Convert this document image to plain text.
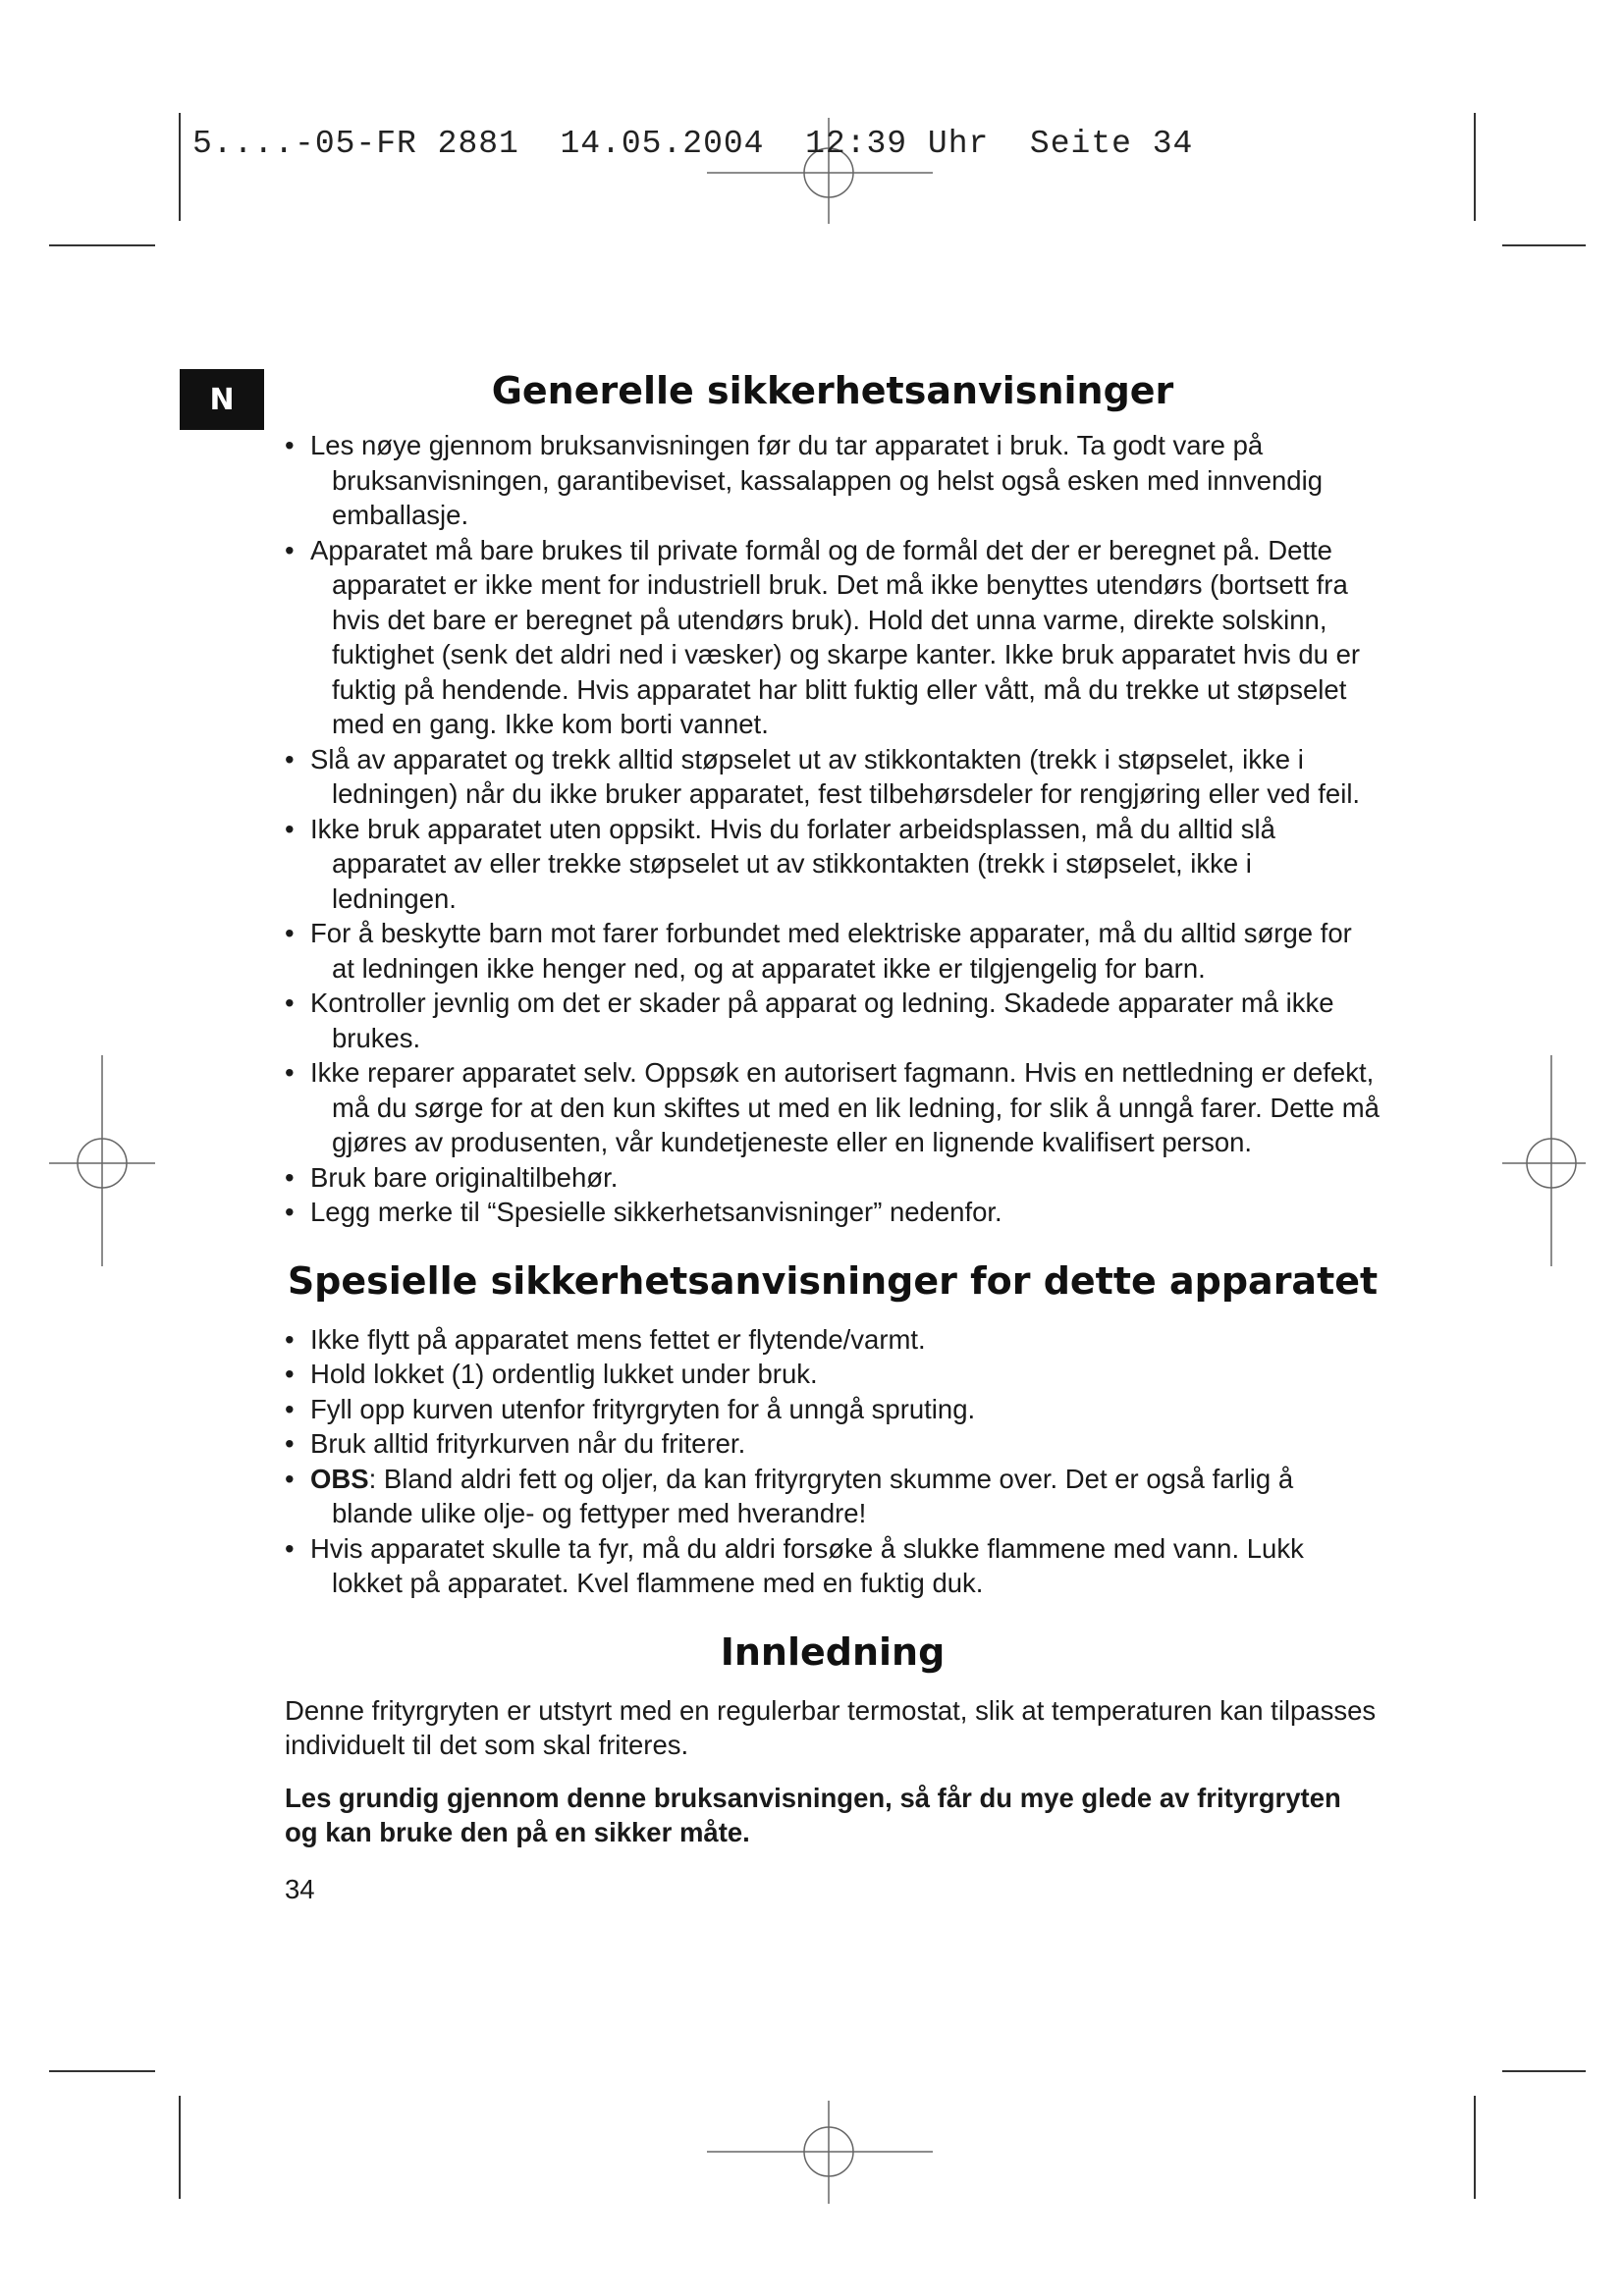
5....-05-FR 2881  14.05.2004  12:39 Uhr  Seite 34
N	Generelle sikkerhetsanvisninger
• Les nøye gjennom bruksanvisningen før du tar apparatet i bruk. Ta godt vare på bruksanvisningen, garantibeviset, kassalappen og helst også esken med innvendig emballasje.
• Apparatet må bare brukes til private formål og de formål det der er beregnet på. Dette apparatet er ikke ment for industriell bruk. Det må ikke benyttes utendørs (bortsett fra hvis det bare er beregnet på utendørs bruk). Hold det unna varme, direkte solskinn, fuktighet (senk det aldri ned i væsker) og skarpe kanter. Ikke bruk apparatet hvis du er fuktig på hendende. Hvis apparatet har blitt fuktig eller vått, må du trekke ut støpselet med en gang. Ikke kom borti vannet.
• Slå av apparatet og trekk alltid støpselet ut av stikkontakten (trekk i støpselet, ikke i ledningen) når du ikke bruker apparatet, fest tilbehørsdeler for rengjøring eller ved feil.
• Ikke bruk apparatet uten oppsikt. Hvis du forlater arbeidsplassen, må du alltid slå apparatet av eller trekke støpselet ut av stikkontakten (trekk i støpselet, ikke i ledningen.
• For å beskytte barn mot farer forbundet med elektriske apparater, må du alltid sørge for at ledningen ikke henger ned, og at apparatet ikke er tilgjengelig for barn.
• Kontroller jevnlig om det er skader på apparat og ledning. Skadede apparater må ikke brukes.
• Ikke reparer apparatet selv. Oppsøk en autorisert fagmann. Hvis en nettledning er defekt, må du sørge for at den kun skiftes ut med en lik ledning, for slik å unngå farer. Dette må gjøres av produsenten, vår kundetjeneste eller en lignende kvalifisert person.
• Bruk bare originaltilbehør.
• Legg merke til “Spesielle sikkerhetsanvisninger” nedenfor.
Spesielle sikkerhetsanvisninger for dette apparatet
• Ikke flytt på apparatet mens fettet er flytende/varmt.
• Hold lokket (1) ordentlig lukket under bruk.
• Fyll opp kurven utenfor frityrgryten for å unngå spruting.
• Bruk alltid frityrkurven når du friterer.
• OBS: Bland aldri fett og oljer, da kan frityrgryten skumme over. Det er også farlig å blande ulike olje- og fettyper med hverandre!
• Hvis apparatet skulle ta fyr, må du aldri forsøke å slukke flammene med vann. Lukk lokket på apparatet. Kvel flammene med en fuktig duk.
Innledning

Denne frityrgryten er utstyrt med en regulerbar termostat, slik at temperaturen kan tilpasses individuelt til det som skal friteres.

Les grundig gjennom denne bruksanvisningen, så får du mye glede av frityrgryten og kan bruke den på en sikker måte.

34
